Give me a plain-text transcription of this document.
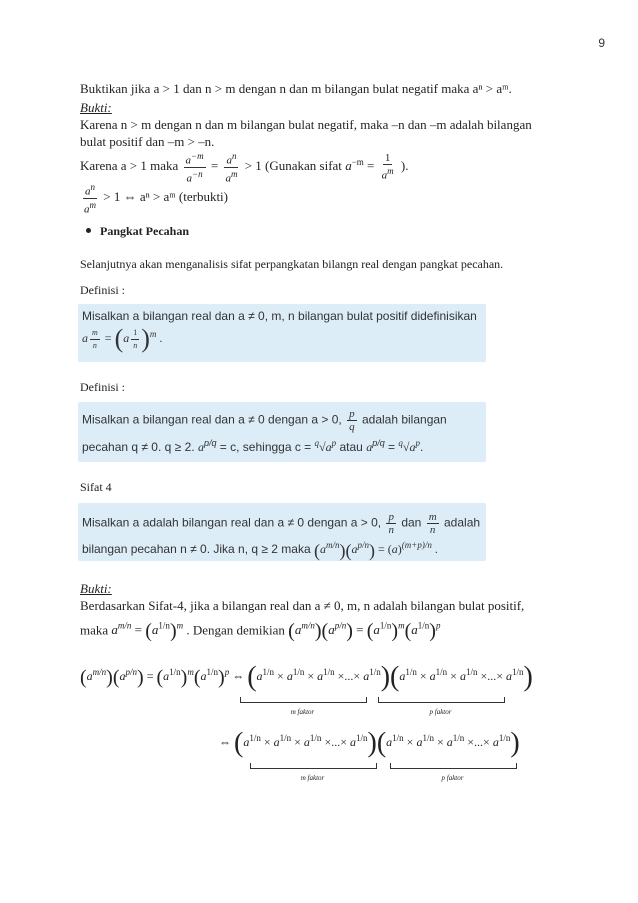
9
Buktikan jika a > 1 dan n > m dengan n dan m bilangan bulat negatif maka aⁿ > aᵐ.
Bukti:
Karena n > m dengan n dan m bilangan bulat negatif, maka –n dan –m adalah bilangan
bulat positif dan –m > –n.
Karena a > 1 maka $\frac{a^{-m}}{a^{-n}} = \frac{a^n}{a^m} > 1$ (Gunakan sifat $a^{-m} = \frac{1}{a^m}$ ).
$\frac{a^n}{a^m} > 1$ ⇔ aⁿ > aᵐ (terbukti)
Pangkat Pecahan
Selanjutnya akan menganalisis sifat perpangkatan bilangn real dengan pangkat pecahan.
Definisi :
Misalkan a bilangan real dan a ≠ 0, m, n bilangan bulat positif didefinisikan
a $\frac{m}{n} = (a \frac{1}{n} )^m$ .
Definisi :
Misalkan a bilangan real dan a ≠ 0 dengan a > 0, $\frac{p}{q}$ adalah bilangan
pecahan q ≠ 0. q ≥ 2. $a^{p/q} = c$, sehingga $c = ^q√a^p$ atau $a^{p/q} = ^q√a^p$.
Sifat 4
Misalkan a adalah bilangan real dan a ≠ 0 dengan a > 0, $\frac{p}{n}$ dan $\frac{m}{n}$ adalah
bilangan pecahan n ≠ 0. Jika n, q ≥ 2 maka $(a^{m/n})(a^{p/n}) = (a)^{(m+p)/n}$ .
Bukti:
Berdasarkan Sifat-4, jika a bilangan real dan a ≠ 0, m, n adalah bilangan bulat positif,
maka $a^{m/n} = (a^{1/n})^m$ . Dengan demikian $(a^{m/n})(a^{p/n}) = (a^{1/n})^m(a^{1/n})^p$
$(a^{m/n})(a^{p/n}) = (a^{1/n})^m(a^{1/n})^p$ ⇔ ($a^{1/n} \times a^{1/n} \times a^{1/n}$ ×...× $a^{1/n})(a^{1/n} \times a^{1/n} \times a^{1/n}$ ×...× $a^{1/n}$)
m faktor	p faktor
⇔ ($a^{1/n} \times a^{1/n} \times a^{1/n}$ ×...× $a^{1/n})(a^{1/n} \times a^{1/n} \times a^{1/n}$ ×...× $a^{1/n}$)
m faktor	p faktor
